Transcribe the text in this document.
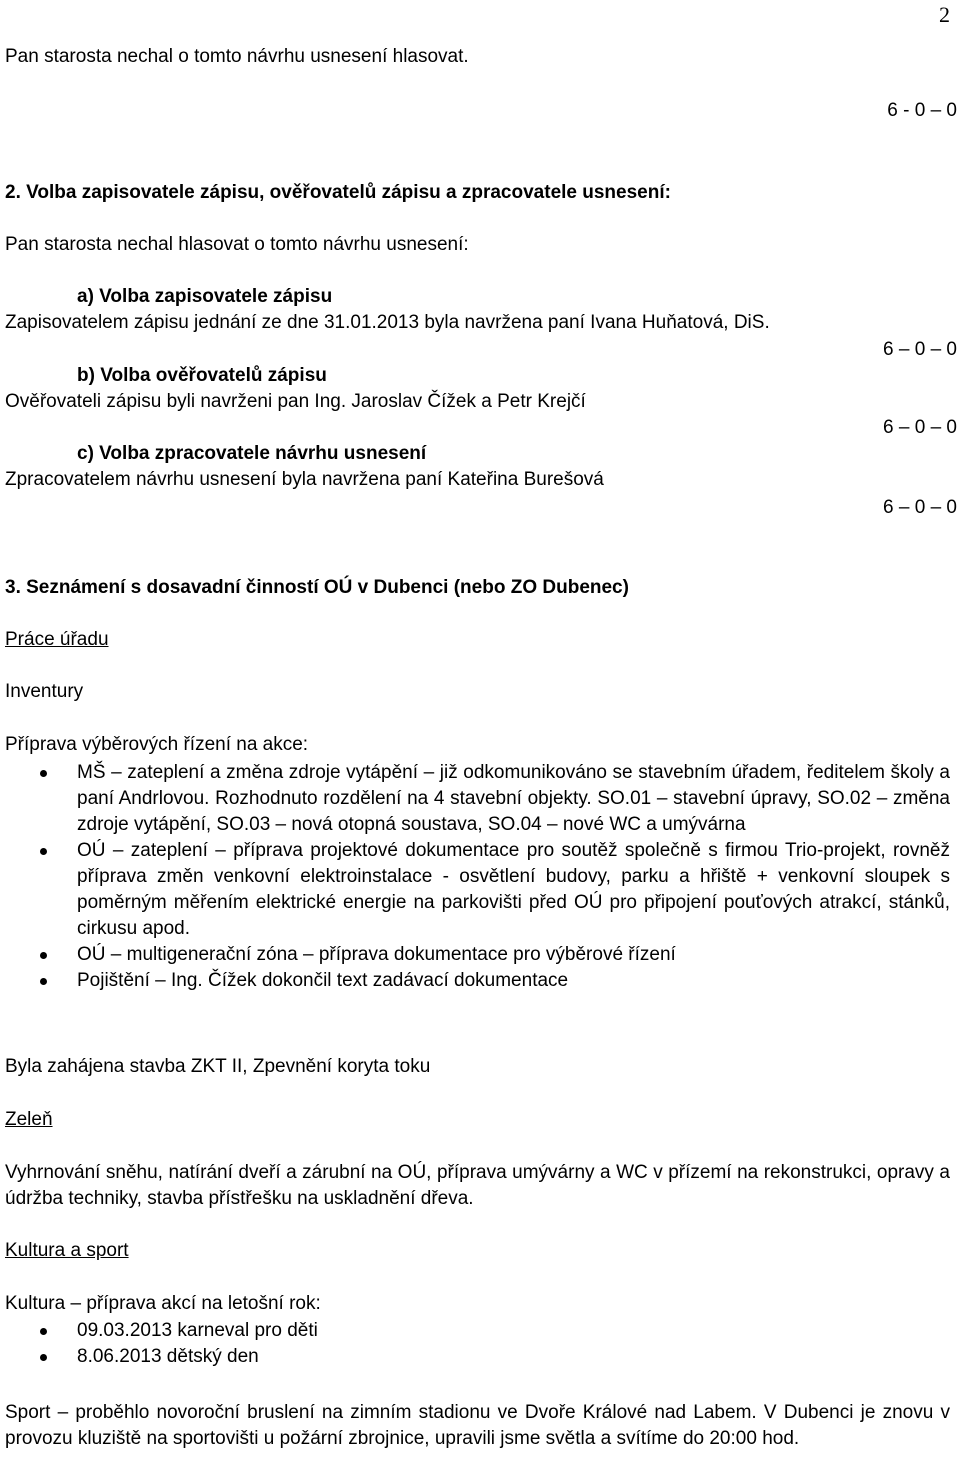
2
Pan starosta nechal o tomto návrhu usnesení hlasovat.
6 - 0 – 0
2. Volba zapisovatele zápisu, ověřovatelů zápisu a zpracovatele usnesení:
Pan starosta nechal hlasovat o tomto návrhu usnesení:
a) Volba zapisovatele zápisu
Zapisovatelem zápisu jednání ze dne 31.01.2013 byla navržena paní Ivana Huňatová, DiS.
6 – 0 – 0
b) Volba ověřovatelů zápisu
Ověřovateli zápisu byli navrženi pan Ing. Jaroslav Čížek a Petr Krejčí
6 – 0 – 0
c) Volba zpracovatele návrhu usnesení
Zpracovatelem návrhu usnesení byla navržena paní Kateřina Burešová
6 – 0 – 0
3. Seznámení s dosavadní činností OÚ v Dubenci (nebo ZO Dubenec)
Práce úřadu
Inventury
Příprava výběrových řízení na akce:
MŠ – zateplení a změna zdroje vytápění – již odkomunikováno se stavebním úřadem, ředitelem školy a paní Andrlovou. Rozhodnuto rozdělení na 4 stavební objekty. SO.01 – stavební úpravy, SO.02 – změna zdroje vytápění, SO.03 – nová otopná soustava, SO.04 – nové WC a umývárna
OÚ – zateplení – příprava projektové dokumentace pro soutěž společně s firmou Trio-projekt, rovněž příprava změn venkovní elektroinstalace - osvětlení budovy, parku a hřiště + venkovní sloupek s poměrným měřením elektrické energie na parkovišti před OÚ pro připojení pouťových atrakcí, stánků, cirkusu apod.
OÚ – multigenerační zóna – příprava dokumentace pro výběrové řízení
Pojištění – Ing. Čížek dokončil text zadávací dokumentace
Byla zahájena stavba ZKT II, Zpevnění koryta toku
Zeleň
Vyhrnování sněhu, natírání dveří a zárubní na OÚ, příprava umývárny a WC v přízemí na rekonstrukci, opravy a údržba techniky, stavba přístřešku na uskladnění dřeva.
Kultura a sport
Kultura – příprava akcí na letošní rok:
09.03.2013 karneval pro děti
8.06.2013 dětský den
Sport – proběhlo novoroční bruslení na zimním stadionu ve Dvoře Králové nad Labem. V Dubenci je znovu v provozu kluziště na sportovišti u požární zbrojnice, upravili jsme světla a svítíme do 20:00 hod.
